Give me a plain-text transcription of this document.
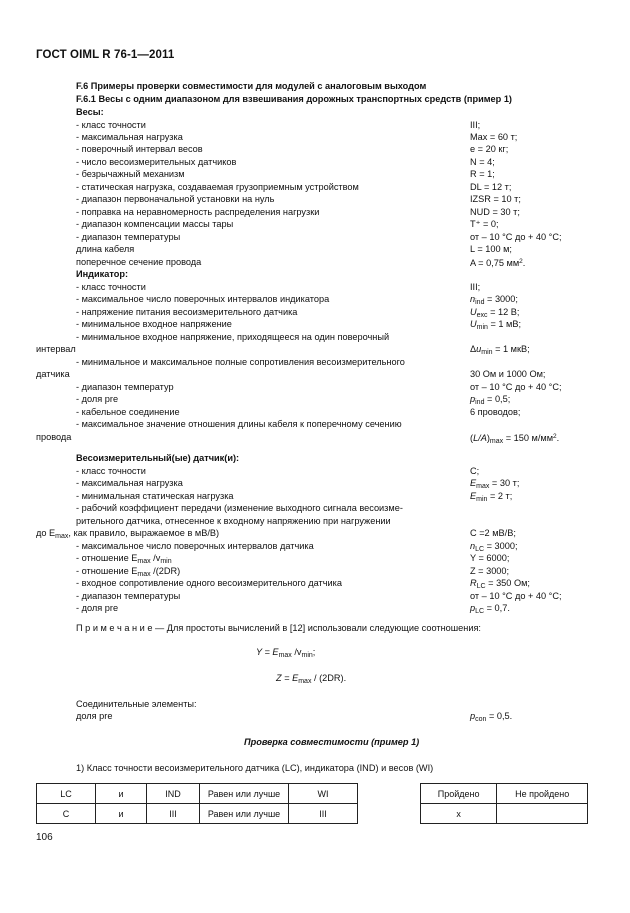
ГОСТ OIML R 76-1—2011
F.6 Примеры проверки совместимости для модулей с аналоговым выходом
F.6.1 Весы с одним диапазоном для взвешивания дорожных транспортных средств (пример 1)
Весы:
- класс точности	III;
- максимальная нагрузка	Max = 60 т;
- поверочный интервал весов	e = 20 кг;
- число весоизмерительных датчиков	N = 4;
- безрычажный механизм	R = 1;
- статическая нагрузка, создаваемая грузоприемным устройством	DL = 12 т;
- диапазон первоначальной установки на нуль	IZSR = 10 т;
- поправка на неравномерность распределения нагрузки	NUD = 30 т;
- диапазон компенсации массы тары	T⁺ = 0;
- диапазон температуры	от – 10 °С до + 40 °С;
длина кабеля	L = 100 м;
поперечное сечение провода	A = 0,75 $мм^2$.
Индикатор:
- класс точности	III;
- максимальное число поверочных интервалов индикатора	$n_{ind} = 3000$;
- напряжение питания весоизмерительного датчика	$U_{exc} = 12$ В;
- минимальное входное напряжение	$U_{min} = 1$ мВ;
- минимальное входное напряжение, приходящееся на один поверочный
интервал	$\Delta u_{min} = 1$ мкВ;
- минимальное и максимальное полные сопротивления весоизмерительного
датчика	30 Ом и 1000 Ом;
- диапазон температур	от – 10 °С до + 40 °С;
- доля pre	$p_{ind} = 0,5$;
- кабельное соединение	6 проводов;
- максимальное значение отношения длины кабеля к поперечному сечению
провода	$(L/A)_{max} = 150$ $м/мм^2$.
Весоизмерительный(ые) датчик(и):
- класс точности	C;
- максимальная нагрузка	$E_{max} = 30$ т;
- минимальная статическая нагрузка	$E_{min} = 2$ т;
- рабочий коэффициент передачи (изменение выходного сигнала весоизме-
рительного датчика, отнесенное к входному напряжению при нагружении
до $E_{max}$, как правило, выражаемое в мВ/В)	C =2 мВ/В;
- максимальное число поверочных интервалов датчика	$n_{LC} = 3000$;
- отношение $E_{max}$ $/v_{min}$	Y = 6000;
- отношение $E_{max}$ /(2DR)	Z = 3000;
- входное сопротивление одного весоизмерительного датчика	$R_{LC} = 350$ Ом;
- диапазон температуры	от – 10 °С до + 40 °С;
- доля pre	$p_{LC} = 0,7$.
П р и м е ч а н и е — Для простоты вычислений в [12] использовали следующие соотношения:
$Y = E_{max}$ $/v_{min}$;
$Z = E_{max} / (2DR)$.
Соединительные элементы:
доля pre	$p_{con} = 0,5$.
Проверка совместимости (пример 1)
1) Класс точности весоизмерительного датчика (LC), индикатора (IND) и весов (WI)
LC	и	IND	Равен или лучше	WI
C	и	III	Равен или лучше	III
Пройдено	Не пройдено
x	
106
